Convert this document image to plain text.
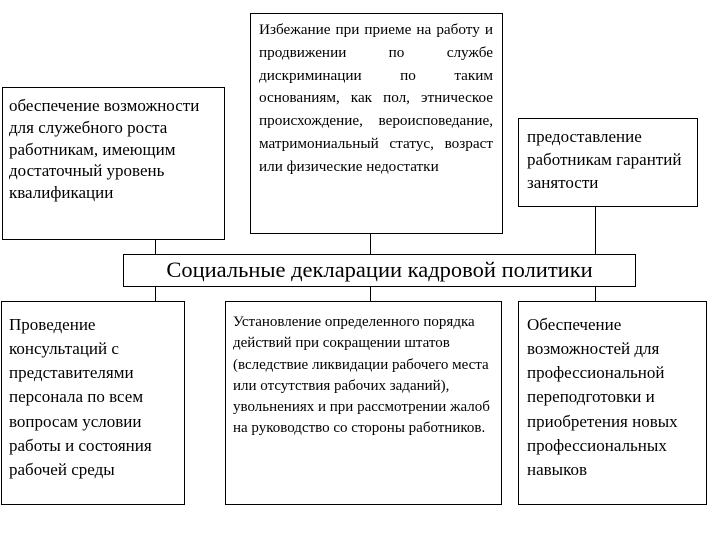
обеспечение возможности для служебного роста работникам, имеющим достаточный уровень квалификации
Избежание при приеме на работу и продвижении по службе дискриминации по таким основаниям, как пол, этническое происхождение, вероисповедание, матримониальный статус, возраст или физические недостатки
предоставление работникам гарантий занятости
Социальные декларации кадровой политики
Проведение консультаций с представителями персонала по всем вопросам условии работы и состояния рабочей среды
Установление определенного порядка действий при сокращении штатов (вследствие ликвидации рабочего места или отсутствия рабочих заданий), увольнениях и при рассмотрении жалоб на руководство со стороны работников.
Обеспечение возможностей для профессиональной переподготовки и приобретения новых профессиональных навыков
